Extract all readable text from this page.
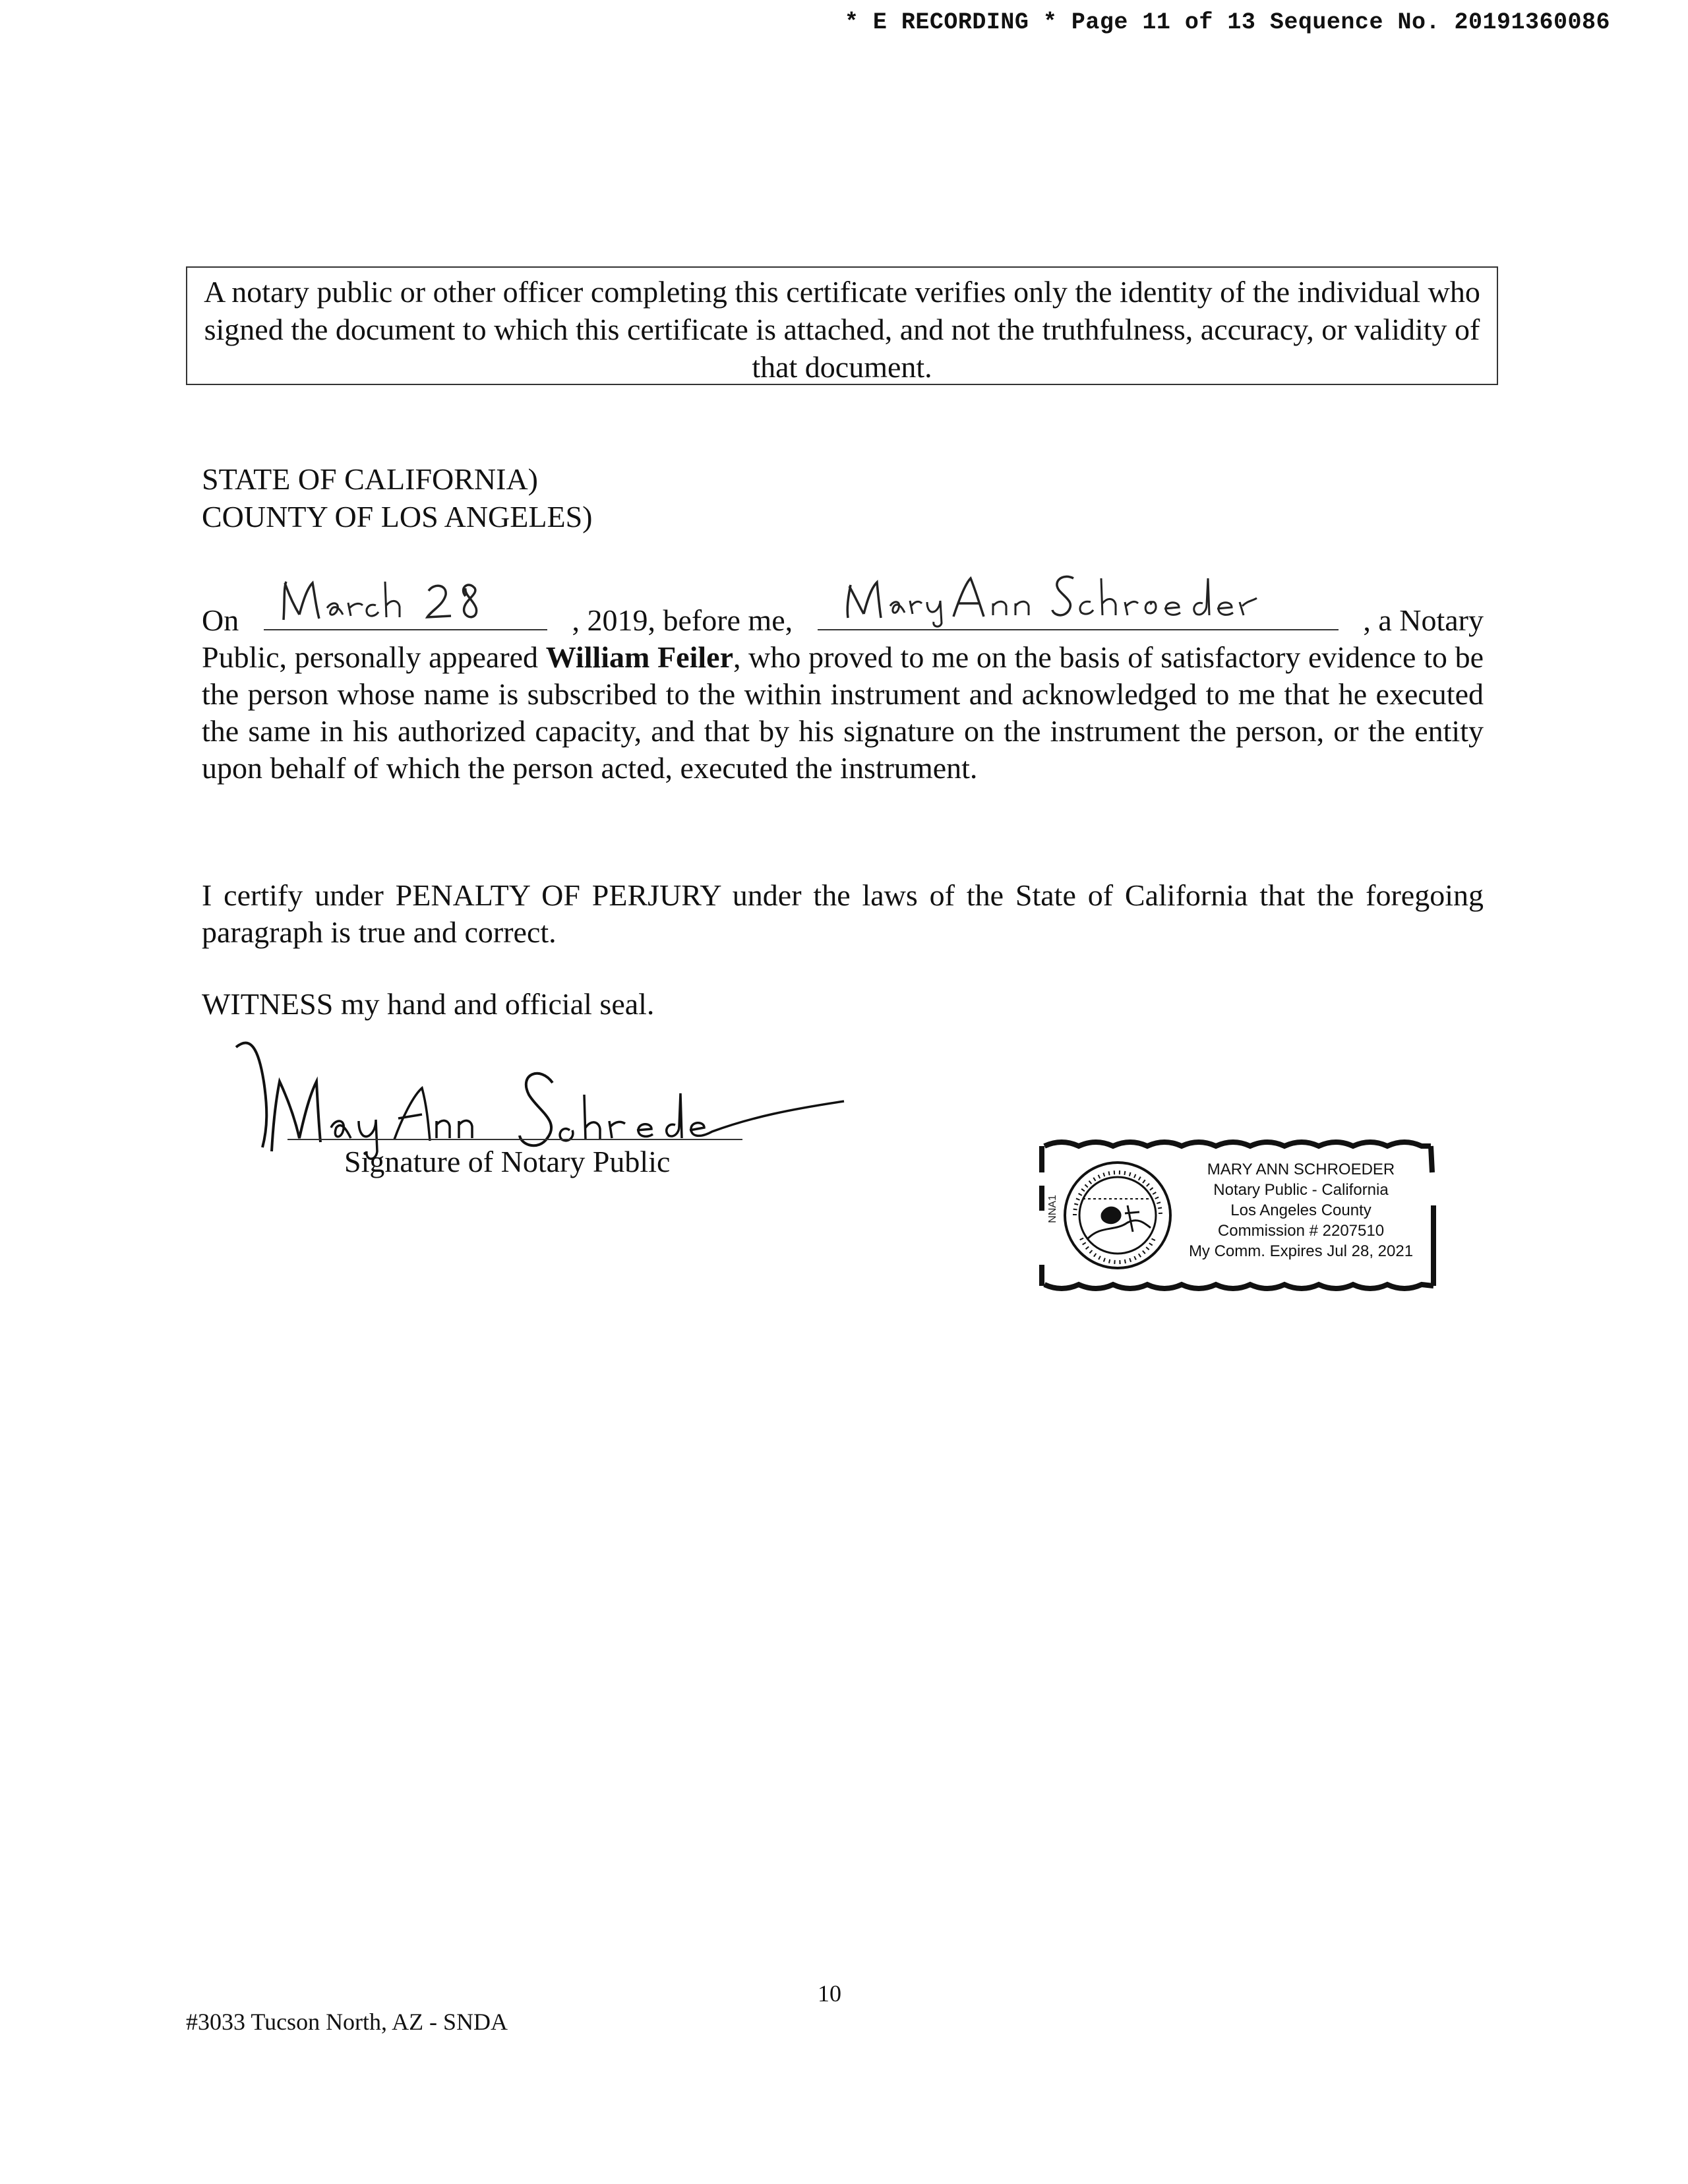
* E RECORDING * Page 11 of 13 Sequence No. 20191360086
A notary public or other officer completing this certificate verifies only the identity of the individual who signed the document to which this certificate is attached, and not the truthfulness, accuracy, or validity of that document.
STATE OF CALIFORNIA)
COUNTY OF LOS ANGELES)
On	, 2019, before me,	, a Notary
Public, personally appeared William Feiler, who proved to me on the basis of satisfactory evidence to be the person whose name is subscribed to the within instrument and acknowledged to me that he executed the same in his authorized capacity, and that by his signature on the instrument the person, or the entity upon behalf of which the person acted, executed the instrument.
I certify under PENALTY OF PERJURY under the laws of the State of California that the foregoing paragraph is true and correct.
WITNESS my hand and official seal.
Signature of Notary Public
NNA1
MARY ANN SCHROEDER
Notary Public - California
Los Angeles County
Commission # 2207510
My Comm. Expires Jul 28, 2021
10
#3033 Tucson North, AZ - SNDA
